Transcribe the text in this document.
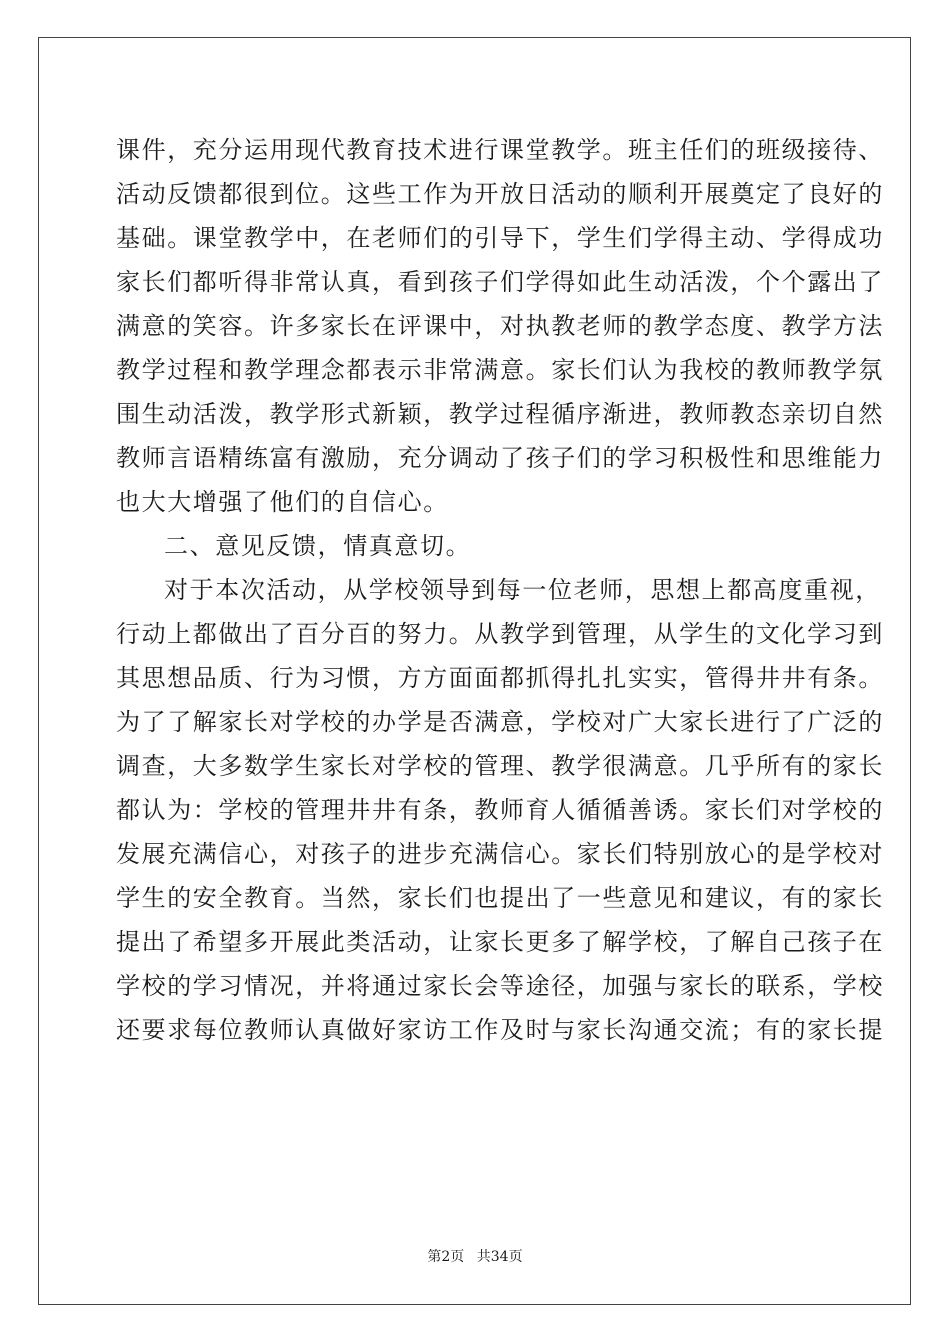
课件，充分运用现代教育技术进行课堂教学。班主任们的班级接待、
活动反馈都很到位。这些工作为开放日活动的顺利开展奠定了良好的
基础。课堂教学中，在老师们的引导下，学生们学得主动、学得成功
家长们都听得非常认真，看到孩子们学得如此生动活泼，个个露出了
满意的笑容。许多家长在评课中，对执教老师的教学态度、教学方法
教学过程和教学理念都表示非常满意。家长们认为我校的教师教学氛
围生动活泼，教学形式新颖，教学过程循序渐进，教师教态亲切自然
教师言语精练富有激励，充分调动了孩子们的学习积极性和思维能力
也大大增强了他们的自信心。
二、意见反馈，情真意切。
对于本次活动，从学校领导到每一位老师，思想上都高度重视，
行动上都做出了百分百的努力。从教学到管理，从学生的文化学习到
其思想品质、行为习惯，方方面面都抓得扎扎实实，管得井井有条。
为了了解家长对学校的办学是否满意，学校对广大家长进行了广泛的
调查，大多数学生家长对学校的管理、教学很满意。几乎所有的家长
都认为：学校的管理井井有条，教师育人循循善诱。家长们对学校的
发展充满信心，对孩子的进步充满信心。家长们特别放心的是学校对
学生的安全教育。当然，家长们也提出了一些意见和建议，有的家长
提出了希望多开展此类活动，让家长更多了解学校，了解自己孩子在
学校的学习情况，并将通过家长会等途径，加强与家长的联系，学校
还要求每位教师认真做好家访工作及时与家长沟通交流；有的家长提
第2页 共34页
